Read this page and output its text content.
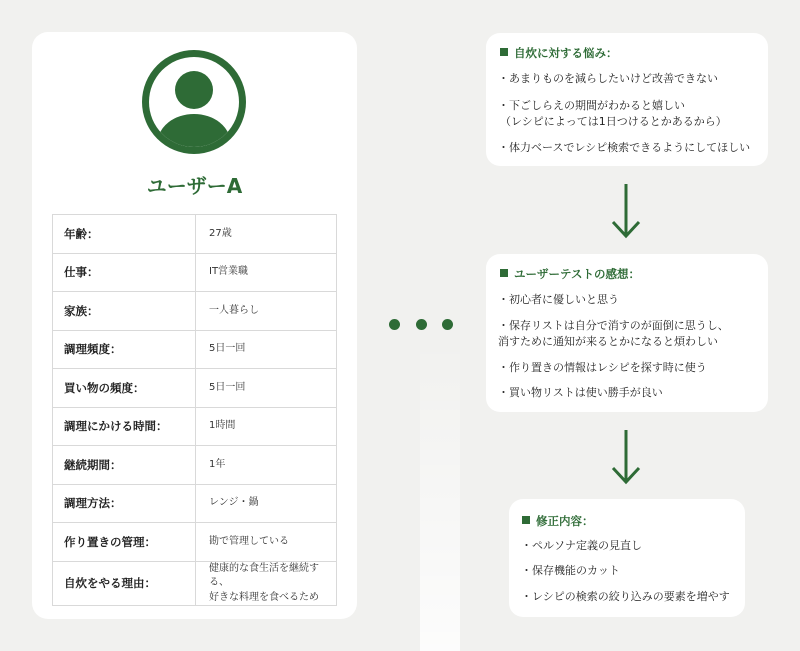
ユーザーA
年齢：	27歳
仕事：	IT営業職
家族：	一人暮らし
調理頻度：	5日一回
買い物の頻度：	5日一回
調理にかける時間：	1時間
継続期間：	1年
調理方法：	レンジ・鍋
作り置きの管理：	勘で管理している
自炊をやる理由：	健康的な食生活を継続する、
好きな料理を食べるため
自炊に対する悩み：
・あまりものを減らしたいけど改善できない
・下ごしらえの期間がわかると嬉しい
（レシピによっては1日つけるとかあるから）
・体力ベースでレシピ検索できるようにしてほしい
ユーザーテストの感想：
・初心者に優しいと思う
・保存リストは自分で消すのが面倒に思うし、
消すために通知が来るとかになると煩わしい
・作り置きの情報はレシピを探す時に使う
・買い物リストは使い勝手が良い
修正内容：
・ペルソナ定義の見直し
・保存機能のカット
・レシピの検索の絞り込みの要素を増やす
